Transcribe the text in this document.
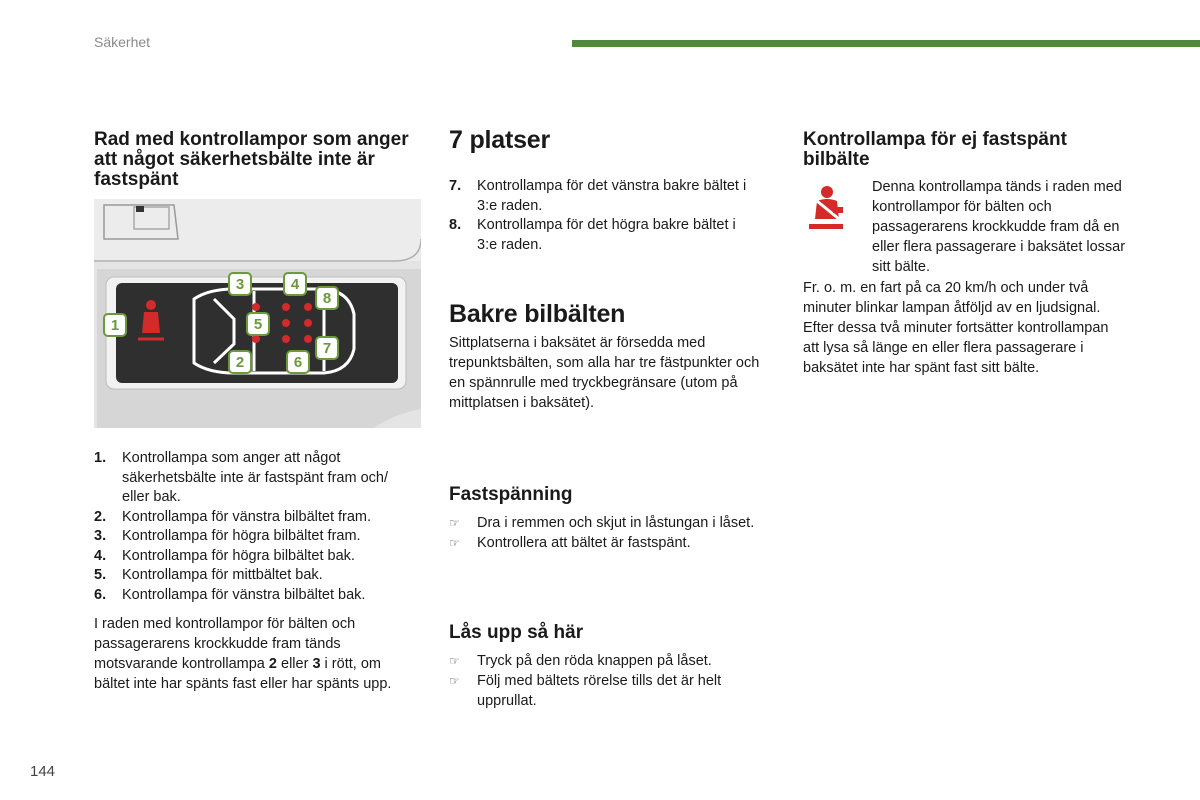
Säkerhet
Rad med kontrollampor som anger att något säkerhetsbälte inte är fastspänt
1
2
3	4
5
6
7
8
1.	Kontrollampa som anger att något säkerhetsbälte inte är fastspänt fram och/ eller bak.
2.	Kontrollampa för vänstra bilbältet fram.
3.	Kontrollampa för högra bilbältet fram.
4.	Kontrollampa för högra bilbältet bak.
5.	Kontrollampa för mittbältet bak.
6.	Kontrollampa för vänstra bilbältet bak.

I raden med kontrollampor för bälten och passagerarens krockkudde fram tänds motsvarande kontrollampa 2 eller 3 i rött, om bältet inte har spänts fast eller har spänts upp.

7 platser
7.	Kontrollampa för det vänstra bakre bältet i 3:e raden.
8.	Kontrollampa för det högra bakre bältet i 3:e raden.
Bakre bilbälten

Sittplatserna i baksätet är försedda med trepunktsbälten, som alla har tre fästpunkter och en spännrulle med tryckbegränsare (utom på mittplatsen i baksätet).

Fastspänning
☞	Dra i remmen och skjut in låstungan i låset.
☞	Kontrollera att bältet är fastspänt.
Lås upp så här
☞	Tryck på den röda knappen på låset.
☞	Följ med bältets rörelse tills det är helt upprullat.
Kontrollampa för ej fastspänt bilbälte

Denna kontrollampa tänds i raden med kontrollampor för bälten och passagerarens krockkudde fram då en eller flera passagerare i baksätet lossar sitt bälte.

Fr. o. m. en fart på ca 20 km/h och under två minuter blinkar lampan åtföljd av en ljudsignal. Efter dessa två minuter fortsätter kontrollampan att lysa så länge en eller flera passagerare i baksätet inte har spänt fast sitt bälte.

144
